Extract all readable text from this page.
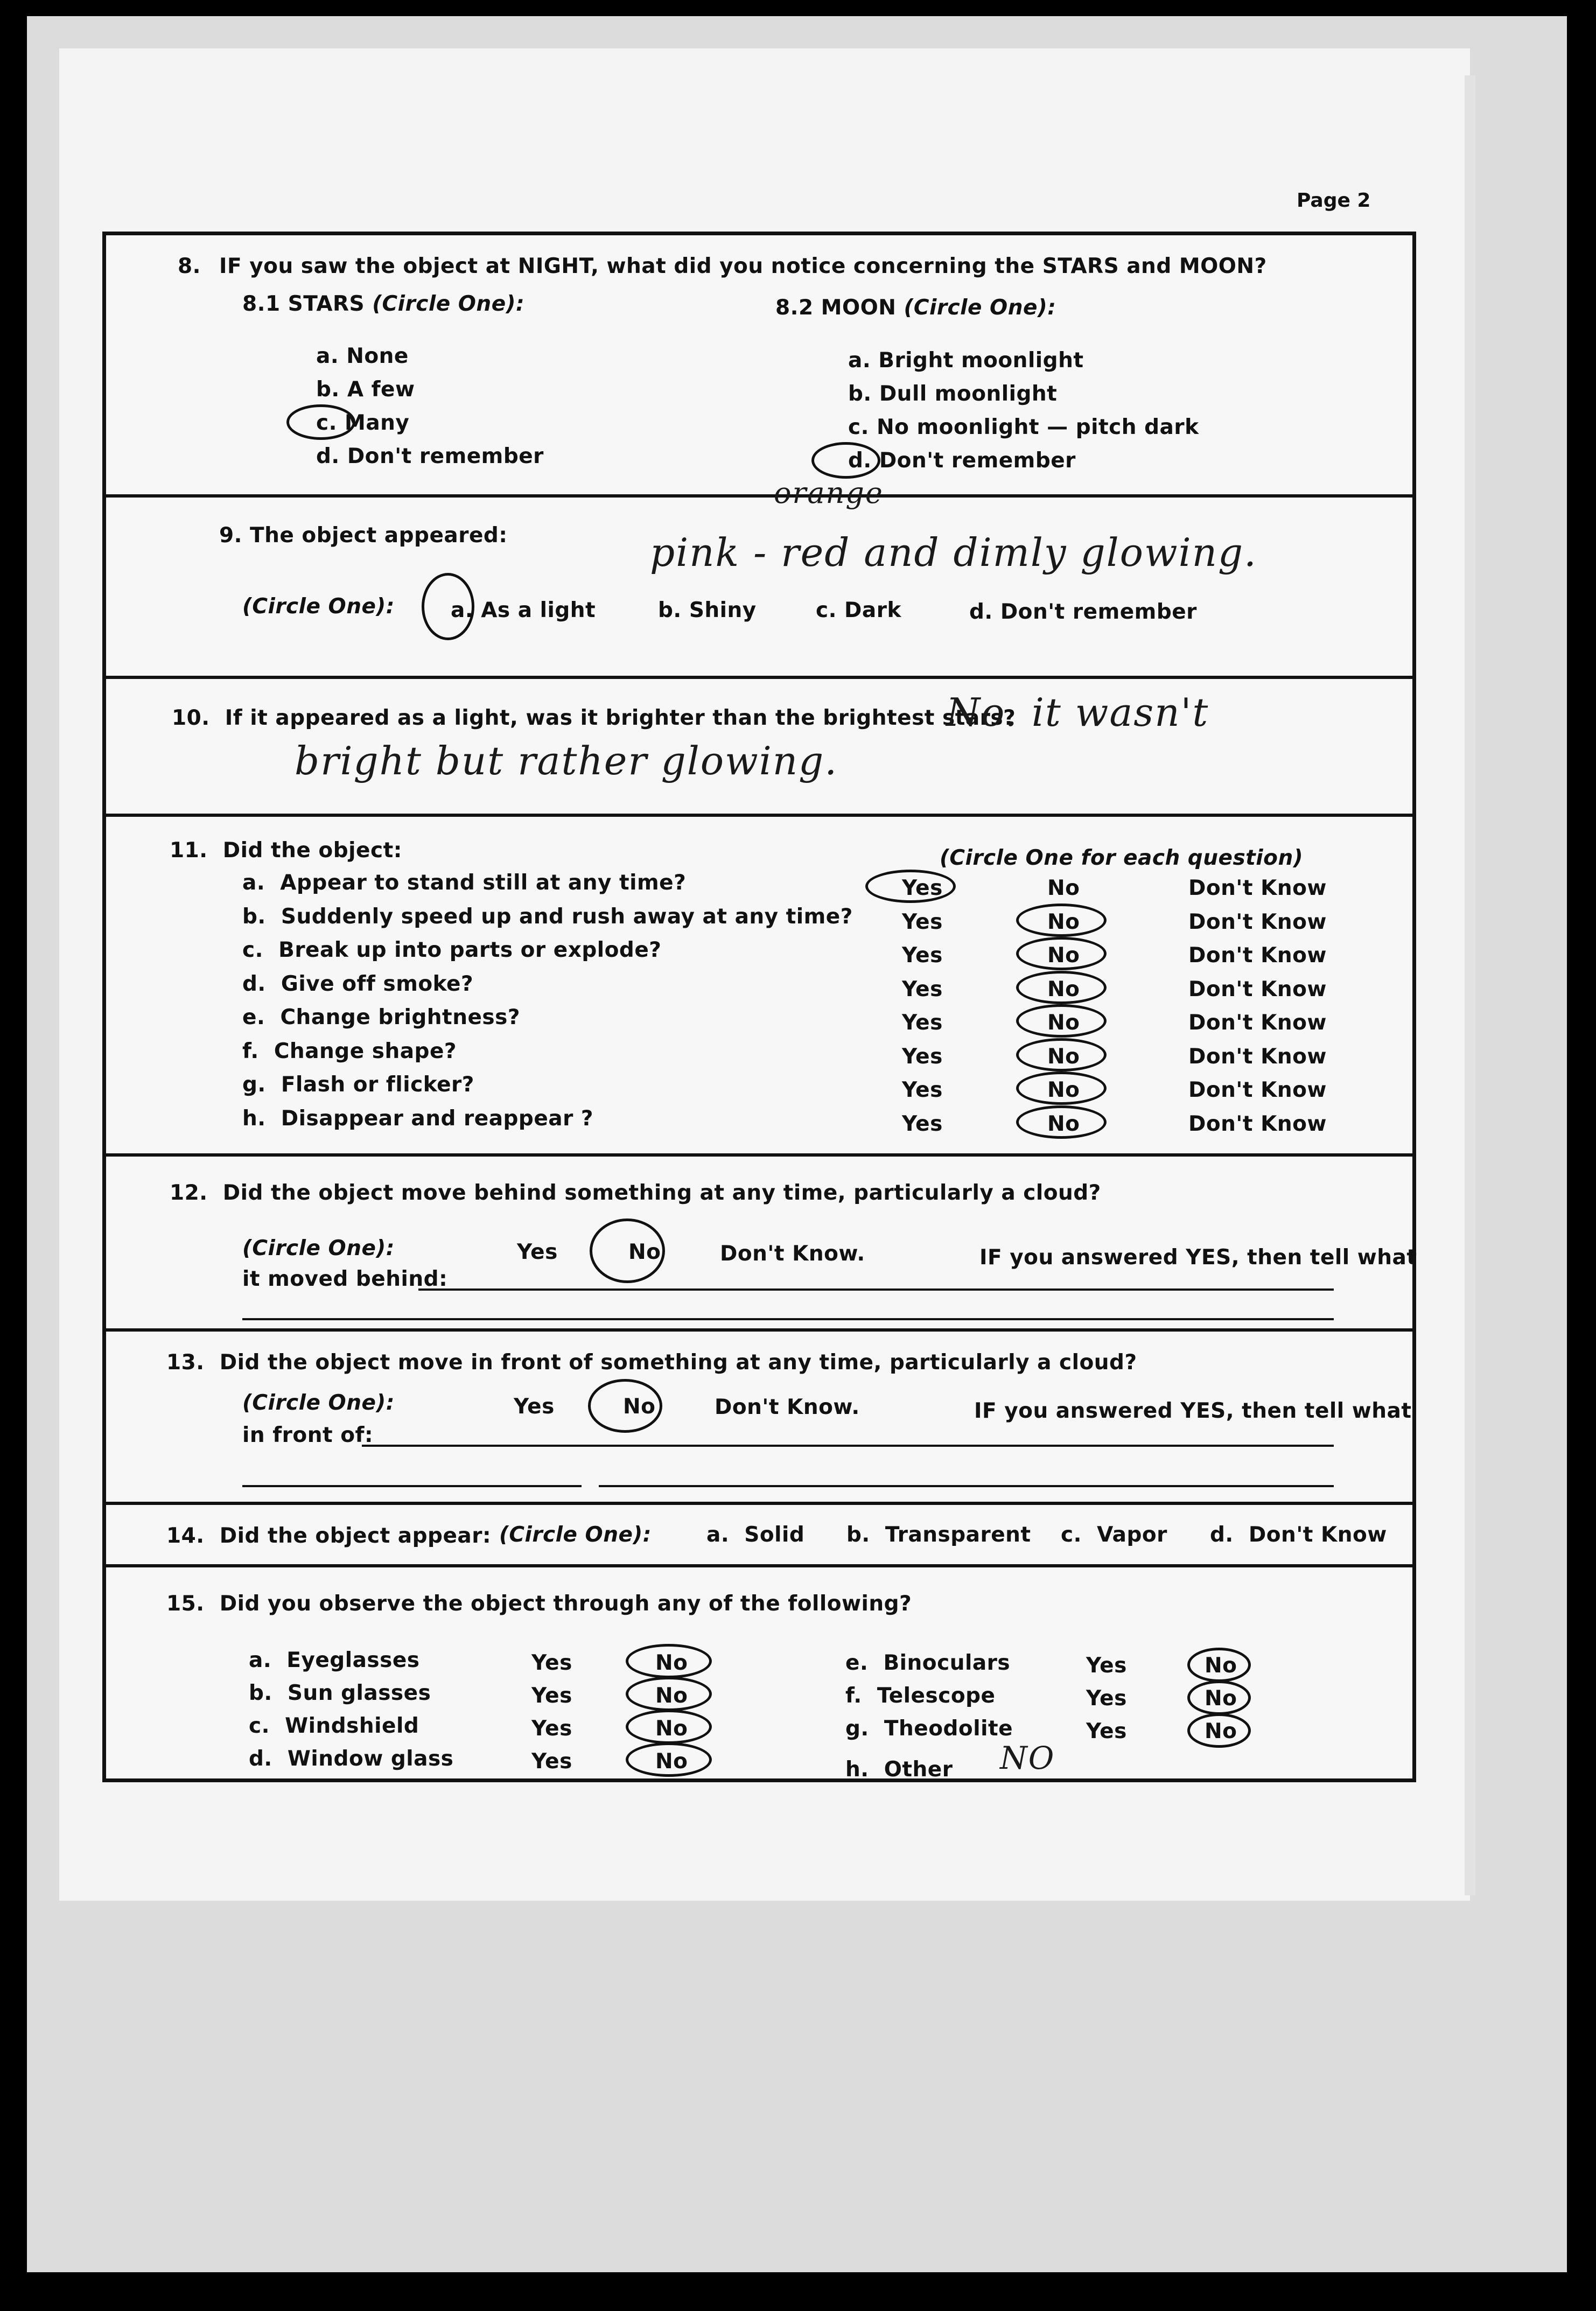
Page 2
8. IF you saw the object at NIGHT, what did you notice concerning the STARS and MOON?
8.1 STARS (Circle One):	8.2 MOON (Circle One):
a. None
b. A few
c. Many
d. Don't remember
a. Bright moonlight
b. Dull moonlight
c. No moonlight — pitch dark
d. Don't remember
9. The object appeared:
orange
pink - red and dimly glowing.
(Circle One):	a. As a light	b. Shiny	c. Dark	d. Don't remember
10. If it appeared as a light, was it brighter than the brightest stars?
No. it wasn't
bright but rather glowing.
11. Did the object:	(Circle One for each question)
a. Appear to stand still at any time?	Yes	No	Don't Know
b. Suddenly speed up and rush away at any time? Yes	No	Don't Know
c. Break up into parts or explode?	Yes	No	Don't Know
d. Give off smoke?	Yes	No	Don't Know
e. Change brightness?	Yes	No	Don't Know
f. Change shape?	Yes	No	Don't Know
g. Flash or flicker?	Yes	No	Don't Know
h. Disappear and reappear ?	Yes	No	Don't Know
12. Did the object move behind something at any time, particularly a cloud?
(Circle One):	Yes	No	Don't Know.	IF you answered YES, then tell what
it moved behind:
13. Did the object move in front of something at any time, particularly a cloud?
(Circle One):	Yes	No	Don't Know.	IF you answered YES, then tell what
in front of:
14. Did the object appear: (Circle One):	a. Solid b. Transparent c. Vapor d. Don't Know
15. Did you observe the object through any of the following?
a. Eyeglasses	Yes	No
b. Sun glasses	Yes	No
c. Windshield	Yes	No
d. Window glass	Yes	No
e. Binoculars	Yes	No
f. Telescope	Yes	No
g. Theodolite	Yes	No
h. Other NO
